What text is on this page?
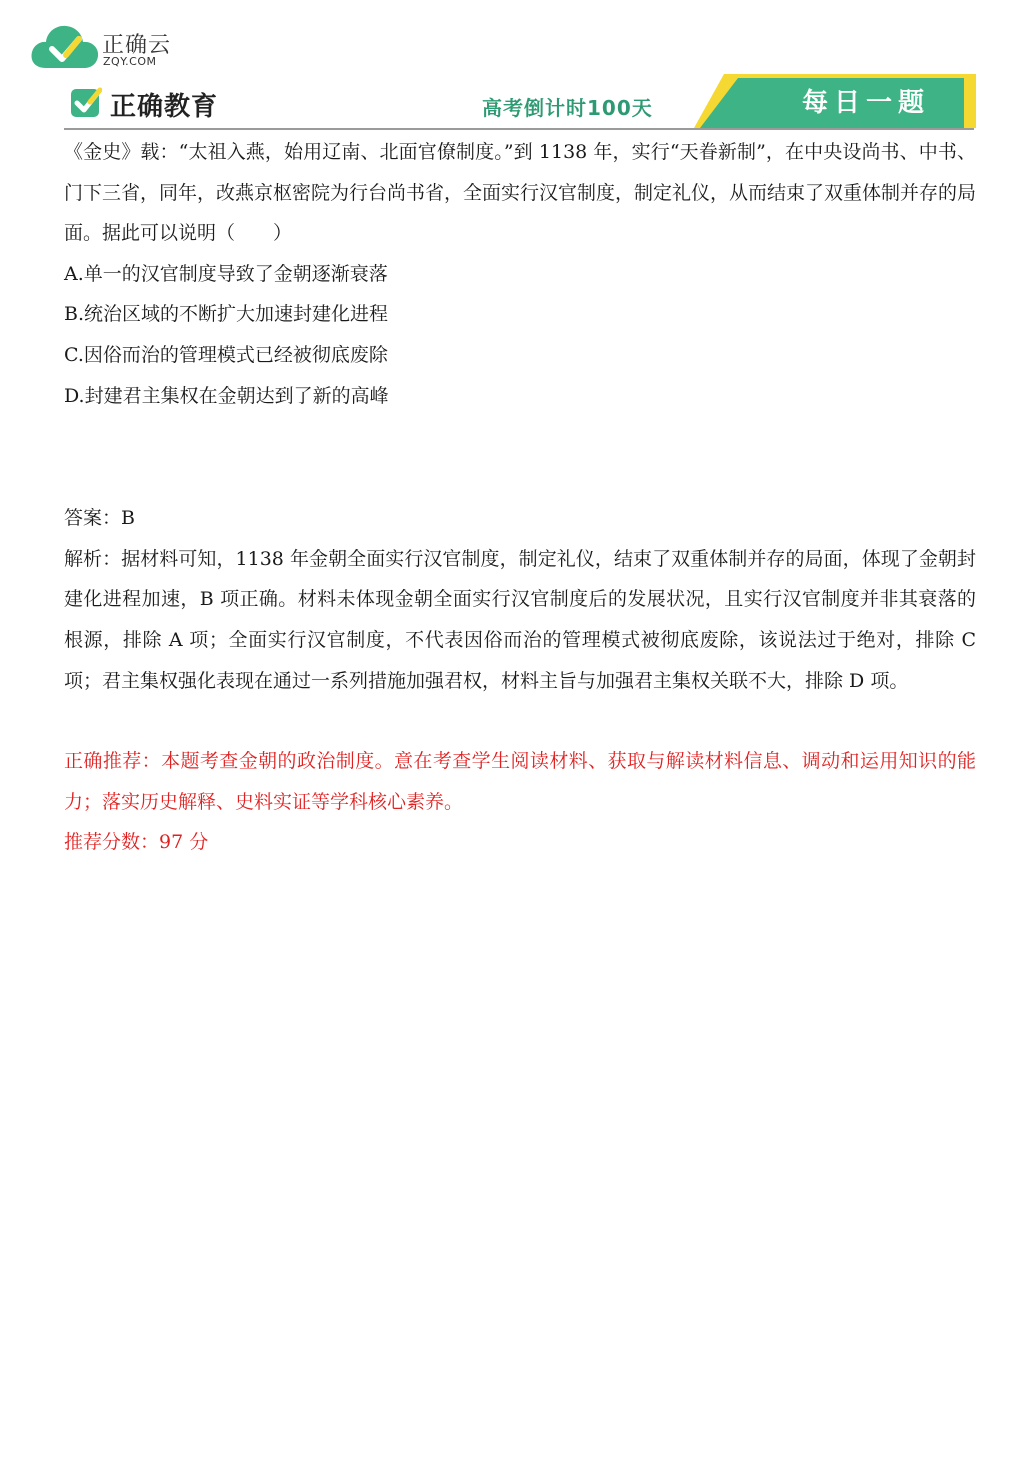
正确云
ZQY.COM
正确教育	高考倒计时100天	每日一题

《金史》载：“太祖入燕，始用辽南、北面官僚制度。”到 1138 年，实行“天眷新制”，在中央设尚书、中书、门下三省，同年，改燕京枢密院为行台尚书省，全面实行汉官制度，制定礼仪，从而结束了双重体制并存的局面。据此可以说明（　　）

A.单一的汉官制度导致了金朝逐渐衰落

B.统治区域的不断扩大加速封建化进程

C.因俗而治的管理模式已经被彻底废除

D.封建君主集权在金朝达到了新的高峰

答案：B

解析：据材料可知，1138 年金朝全面实行汉官制度，制定礼仪，结束了双重体制并存的局面，体现了金朝封建化进程加速，B 项正确。材料未体现金朝全面实行汉官制度后的发展状况，且实行汉官制度并非其衰落的根源，排除 A 项；全面实行汉官制度，不代表因俗而治的管理模式被彻底废除，该说法过于绝对，排除 C 项；君主集权强化表现在通过一系列措施加强君权，材料主旨与加强君主集权关联不大，排除 D 项。

正确推荐：本题考查金朝的政治制度。意在考查学生阅读材料、获取与解读材料信息、调动和运用知识的能力；落实历史解释、史料实证等学科核心素养。

推荐分数：97 分
